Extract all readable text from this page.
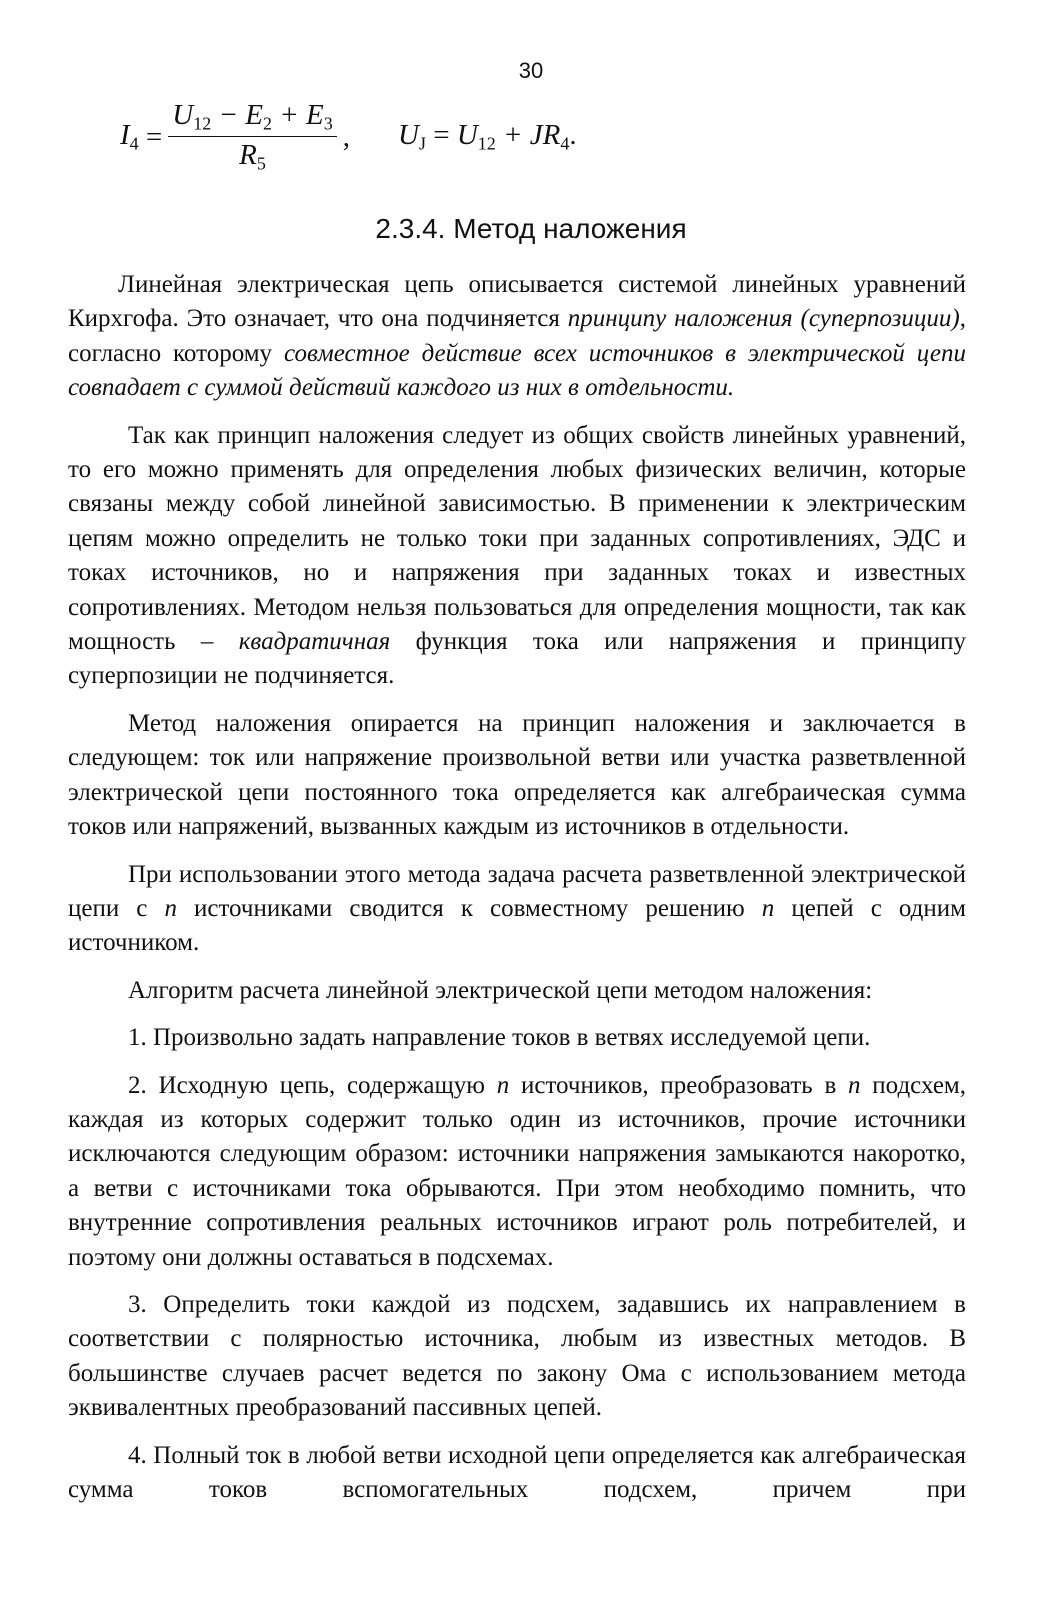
30
$I_4 = \frac{U_{12} - E_2 + E_3}{R_5}$ , $U_J = U_{12} + JR_4$.
2.3.4. Метод наложения

Линейная электрическая цепь описывается системой линейных уравнений Кирхгофа. Это означает, что она подчиняется принципу наложения (суперпозиции), согласно которому совместное действие всех источников в электрической цепи совпадает с суммой действий каждого из них в отдельности.

Так как принцип наложения следует из общих свойств линейных уравнений, то его можно применять для определения любых физических величин, которые связаны между собой линейной зависимостью. В применении к электрическим цепям можно определить не только токи при заданных сопротивлениях, ЭДС и токах источников, но и напряжения при заданных токах и известных сопротивлениях. Методом нельзя пользоваться для определения мощности, так как мощность – квадратичная функция тока или напряжения и принципу суперпозиции не подчиняется.

Метод наложения опирается на принцип наложения и заключается в следующем: ток или напряжение произвольной ветви или участка разветвленной электрической цепи постоянного тока определяется как алгебраическая сумма токов или напряжений, вызванных каждым из источников в отдельности.

При использовании этого метода задача расчета разветвленной электрической цепи с n источниками сводится к совместному решению n цепей с одним источником.

Алгоритм расчета линейной электрической цепи методом наложения:

1. Произвольно задать направление токов в ветвях исследуемой цепи.

2. Исходную цепь, содержащую n источников, преобразовать в n подсхем, каждая из которых содержит только один из источников, прочие источники исключаются следующим образом: источники напряжения замыкаются накоротко, а ветви с источниками тока обрываются. При этом необходимо помнить, что внутренние сопротивления реальных источников играют роль потребителей, и поэтому они должны оставаться в подсхемах.

3. Определить токи каждой из подсхем, задавшись их направлением в соответствии с полярностью источника, любым из известных методов. В большинстве случаев расчет ведется по закону Ома с использованием метода эквивалентных преобразований пассивных цепей.

4. Полный ток в любой ветви исходной цепи определяется как алгебраическая сумма токов вспомогательных подсхем, причем при
